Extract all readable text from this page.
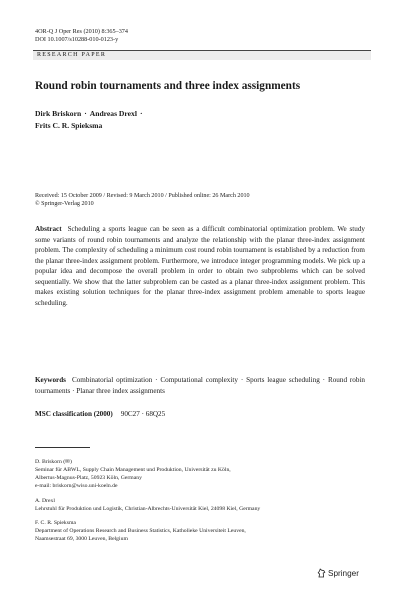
4OR-Q J Oper Res (2010) 8:365–374
DOI 10.1007/s10288-010-0123-y
RESEARCH PAPER
Round robin tournaments and three index assignments
Dirk Briskorn · Andreas Drexl ·
Frits C. R. Spieksma
Received: 15 October 2009 / Revised: 9 March 2010 / Published online: 26 March 2010
© Springer-Verlag 2010
Abstract Scheduling a sports league can be seen as a difficult combinatorial optimization problem. We study some variants of round robin tournaments and analyze the relationship with the planar three-index assignment problem. The complexity of scheduling a minimum cost round robin tournament is established by a reduction from the planar three-index assignment problem. Furthermore, we introduce integer programming models. We pick up a popular idea and decompose the overall problem in order to obtain two subproblems which can be solved sequentially. We show that the latter subproblem can be casted as a planar three-index assignment problem. This makes existing solution techniques for the planar three-index assignment problem amenable to sports league scheduling.
Keywords Combinatorial optimization · Computational complexity · Sports league scheduling · Round robin tournaments · Planar three index assignments
MSC classification (2000) 90C27 · 68Q25
D. Briskorn (✉)
Seminar für ABWL, Supply Chain Management und Produktion, Universität zu Köln,
Albertus-Magnus-Platz, 50923 Köln, Germany
e-mail: briskorn@wiso.uni-koeln.de
A. Drexl
Lehrstuhl für Produktion und Logistik, Christian-Albrechts-Universität Kiel, 24098 Kiel, Germany
F. C. R. Spieksma
Department of Operations Research and Business Statistics, Katholieke Universiteit Leuven,
Naamsestraat 69, 3000 Leuven, Belgium
Springer
